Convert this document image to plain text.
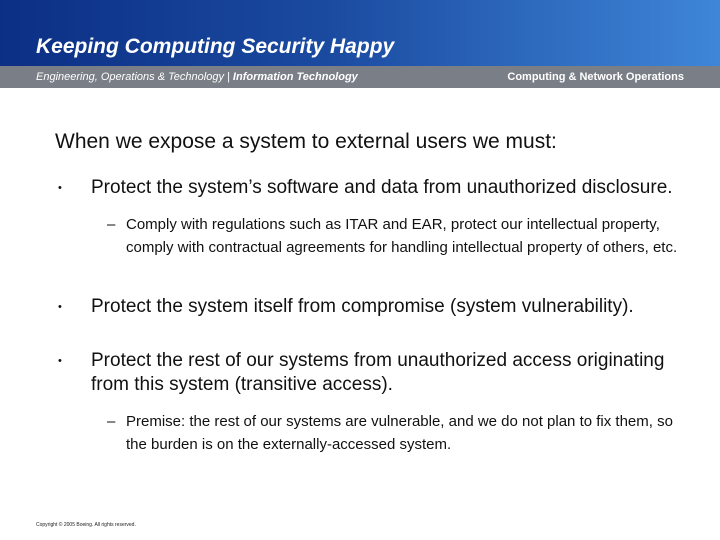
Keeping Computing Security Happy
Engineering, Operations & Technology | Information Technology	Computing & Network Operations
When we expose a system to external users we must:
• Protect the system’s software and data from unauthorized disclosure.
– Comply with regulations such as ITAR and EAR, protect our intellectual property, comply with contractual agreements for handling intellectual property of others, etc.
• Protect the system itself from compromise (system vulnerability).
• Protect the rest of our systems from unauthorized access originating from this system (transitive access).
– Premise: the rest of our systems are vulnerable, and we do not plan to fix them, so the burden is on the externally-accessed system.
Copyright © 2005 Boeing. All rights reserved.
